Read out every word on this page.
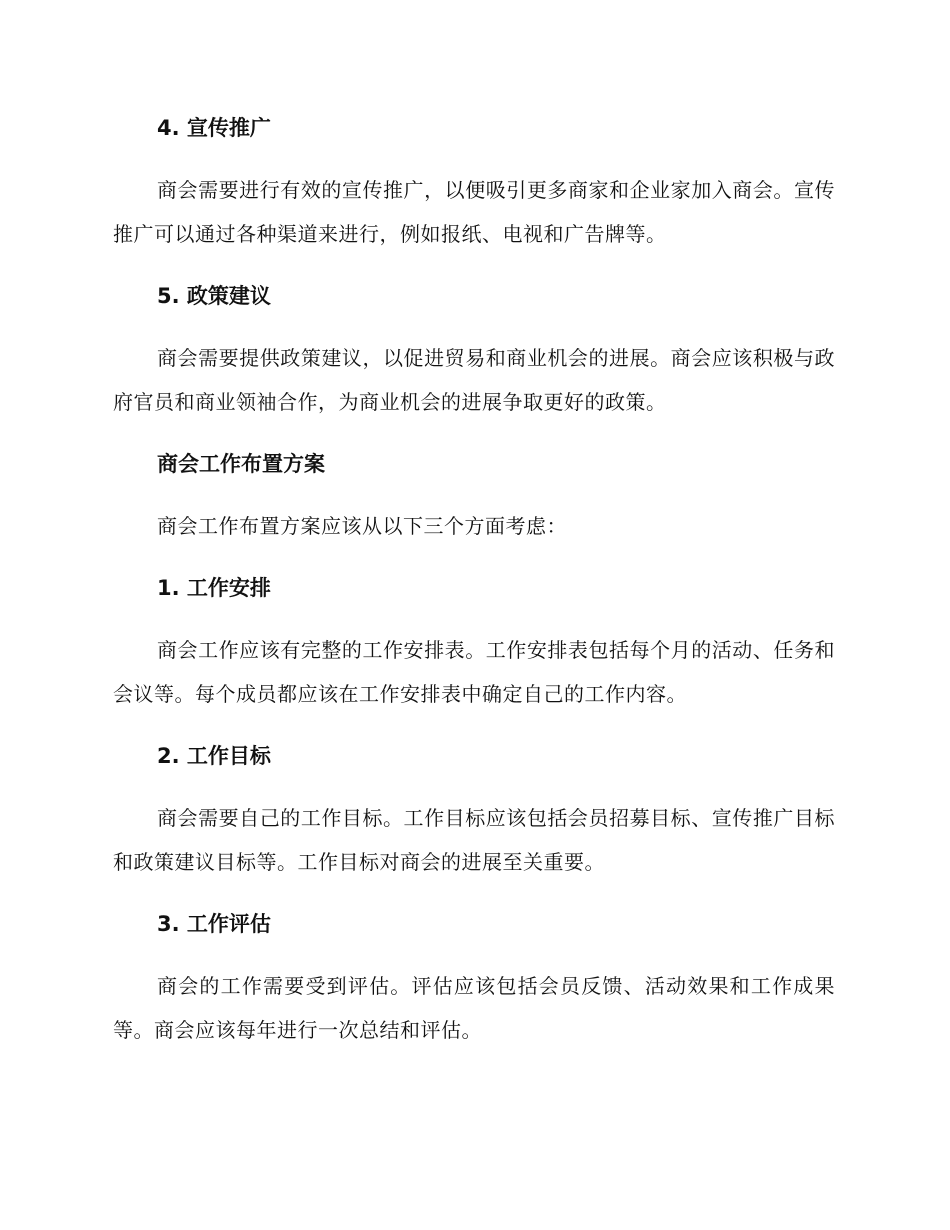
4. 宣传推广

商会需要进行有效的宣传推广，以便吸引更多商家和企业家加入商会。宣传推广可以通过各种渠道来进行，例如报纸、电视和广告牌等。

5. 政策建议

商会需要提供政策建议，以促进贸易和商业机会的进展。商会应该积极与政府官员和商业领袖合作，为商业机会的进展争取更好的政策。

商会工作布置方案

商会工作布置方案应该从以下三个方面考虑：

1. 工作安排

商会工作应该有完整的工作安排表。工作安排表包括每个月的活动、任务和会议等。每个成员都应该在工作安排表中确定自己的工作内容。

2. 工作目标

商会需要自己的工作目标。工作目标应该包括会员招募目标、宣传推广目标和政策建议目标等。工作目标对商会的进展至关重要。

3. 工作评估

商会的工作需要受到评估。评估应该包括会员反馈、活动效果和工作成果等。商会应该每年进行一次总结和评估。
